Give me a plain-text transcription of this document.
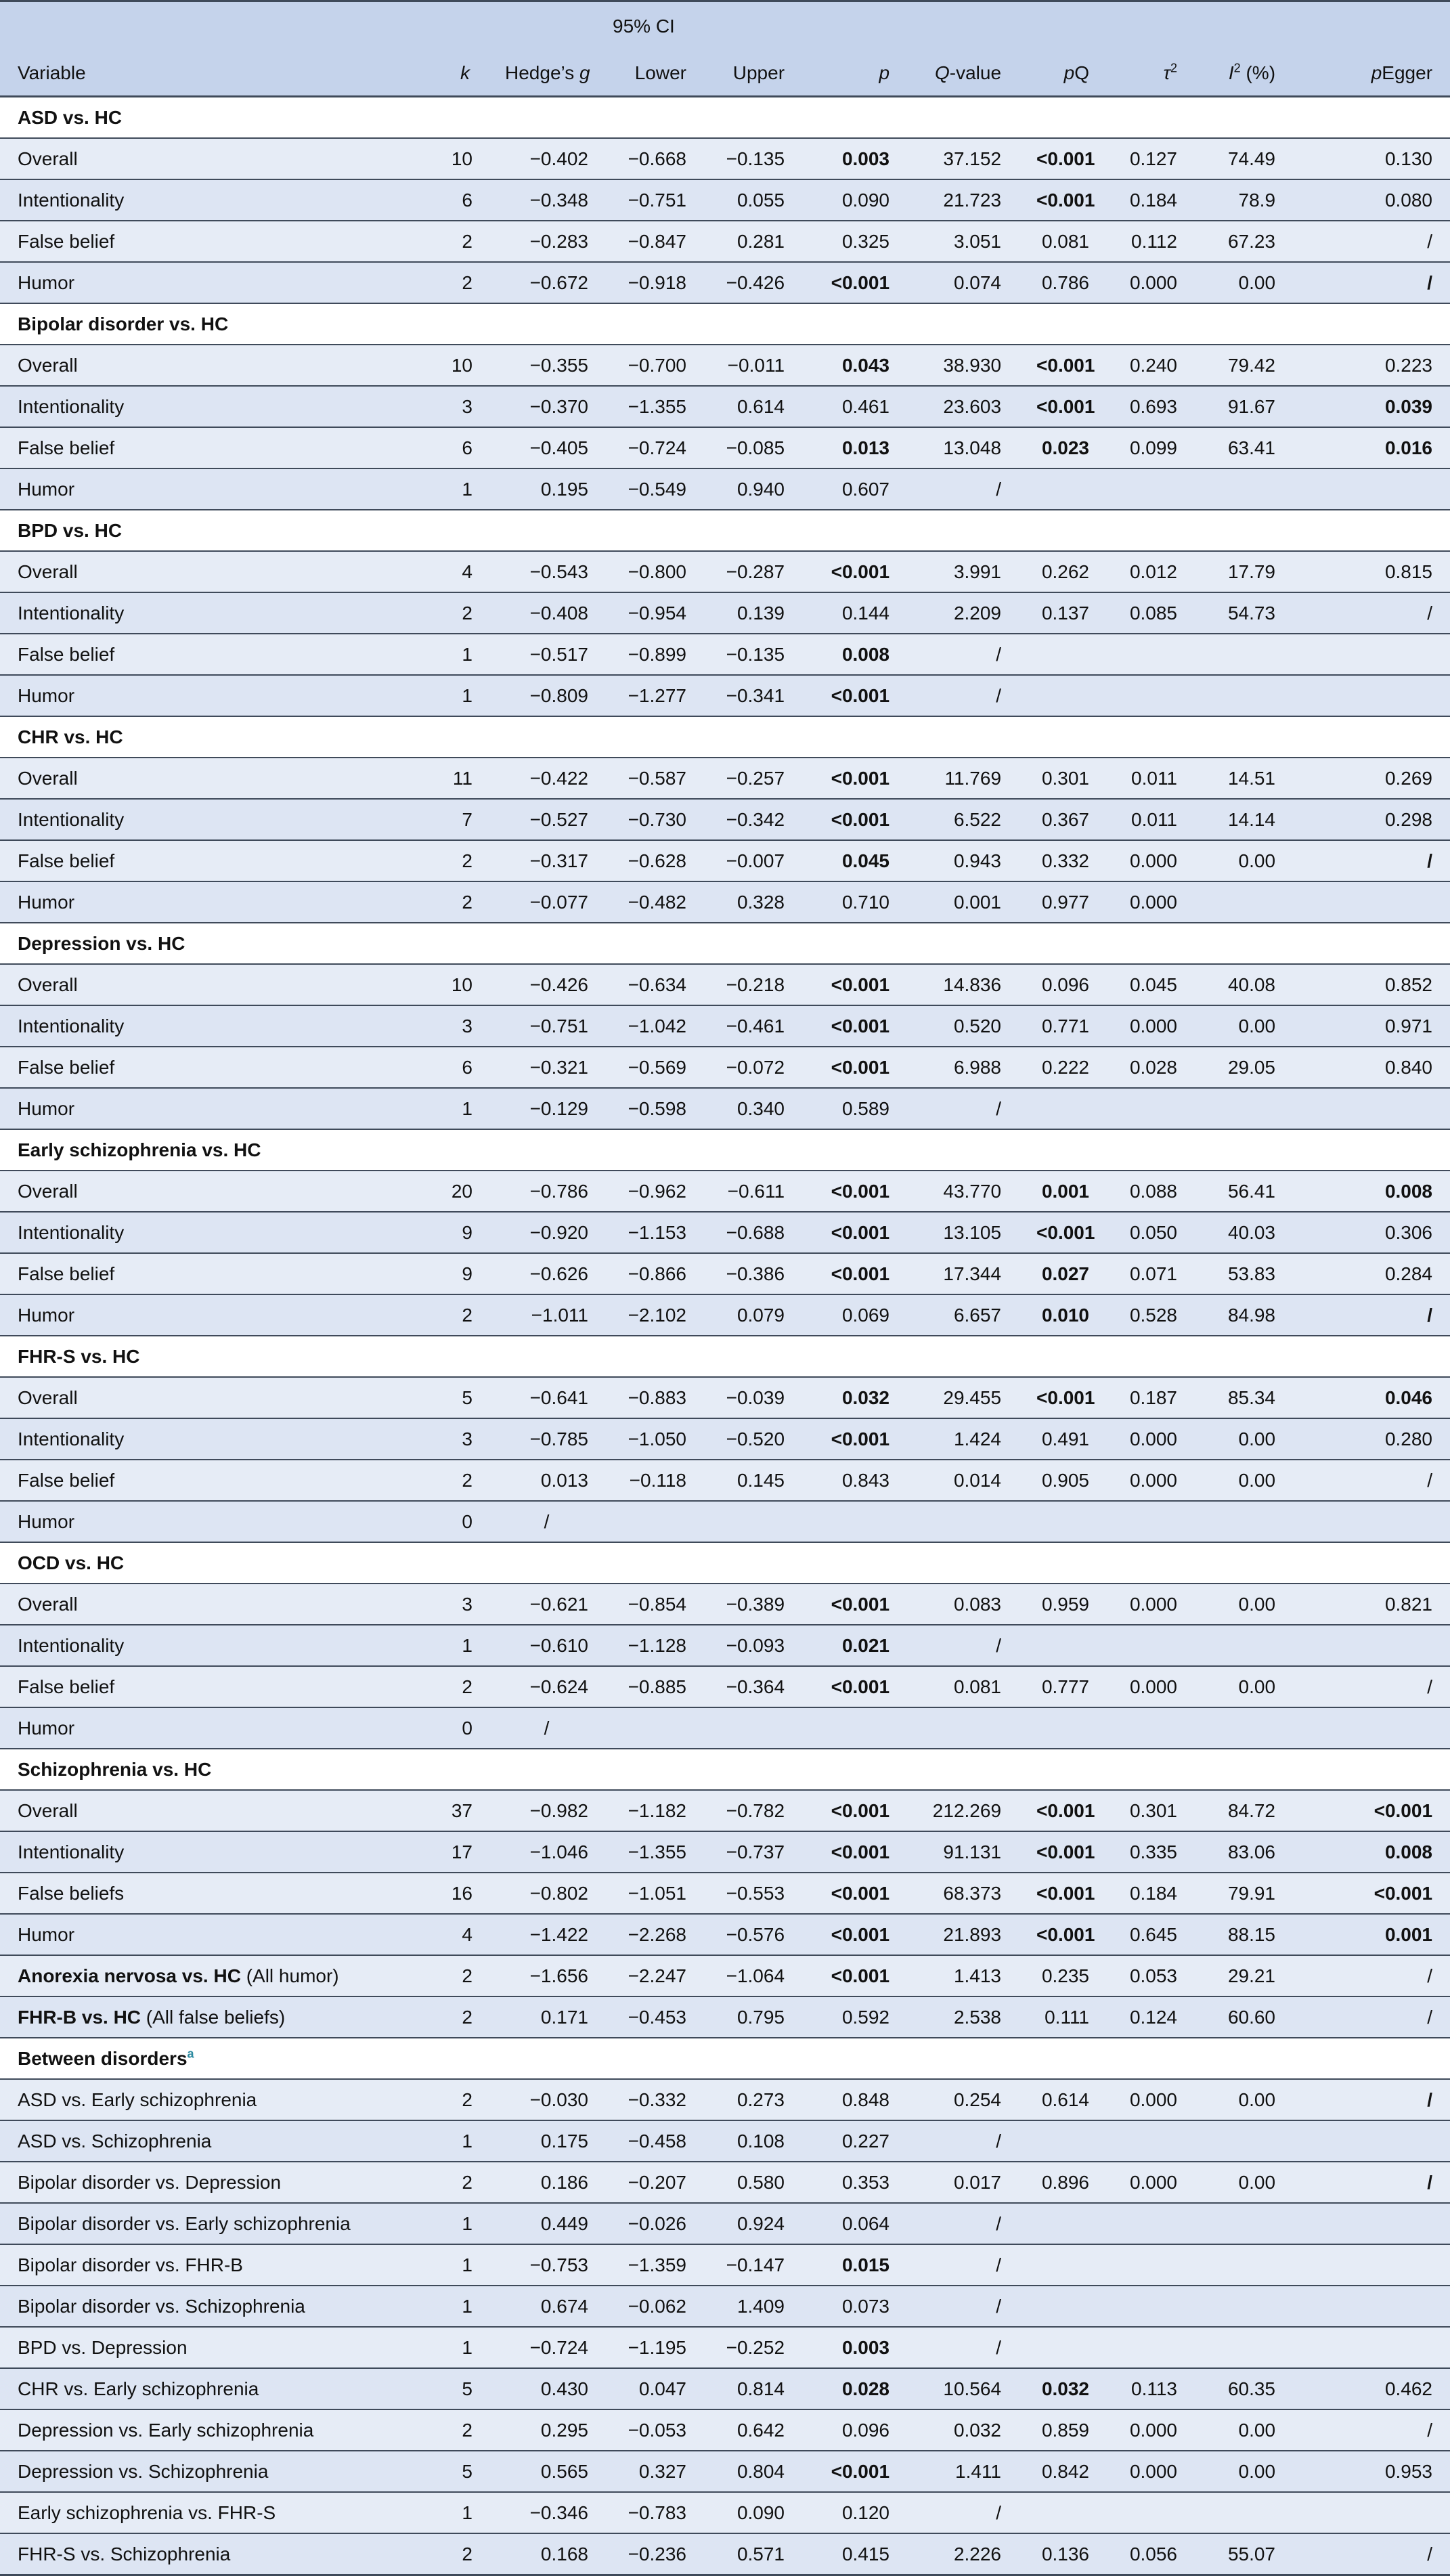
			95% CI							
Variable	k	Hedge’s g	Lower	Upper	p	Q-value	pQ	$\tau^2$	$I^2$ (%)	pEgger
ASD vs. HC										
Overall	10	−0.402	−0.668	−0.135	0.003	37.152	<0.001	0.127	74.49	0.130
Intentionality	6	−0.348	−0.751	0.055	0.090	21.723	<0.001	0.184	78.9	0.080
False belief	2	−0.283	−0.847	0.281	0.325	3.051	0.081	0.112	67.23	/
Humor	2	−0.672	−0.918	−0.426	<0.001	0.074	0.786	0.000	0.00	/
Bipolar disorder vs. HC										
Overall	10	−0.355	−0.700	−0.011	0.043	38.930	<0.001	0.240	79.42	0.223
Intentionality	3	−0.370	−1.355	0.614	0.461	23.603	<0.001	0.693	91.67	0.039
False belief	6	−0.405	−0.724	−0.085	0.013	13.048	0.023	0.099	63.41	0.016
Humor	1	0.195	−0.549	0.940	0.607	/				
BPD vs. HC										
Overall	4	−0.543	−0.800	−0.287	<0.001	3.991	0.262	0.012	17.79	0.815
Intentionality	2	−0.408	−0.954	0.139	0.144	2.209	0.137	0.085	54.73	/
False belief	1	−0.517	−0.899	−0.135	0.008	/				
Humor	1	−0.809	−1.277	−0.341	<0.001	/				
CHR vs. HC										
Overall	11	−0.422	−0.587	−0.257	<0.001	11.769	0.301	0.011	14.51	0.269
Intentionality	7	−0.527	−0.730	−0.342	<0.001	6.522	0.367	0.011	14.14	0.298
False belief	2	−0.317	−0.628	−0.007	0.045	0.943	0.332	0.000	0.00	/
Humor	2	−0.077	−0.482	0.328	0.710	0.001	0.977	0.000		
Depression vs. HC										
Overall	10	−0.426	−0.634	−0.218	<0.001	14.836	0.096	0.045	40.08	0.852
Intentionality	3	−0.751	−1.042	−0.461	<0.001	0.520	0.771	0.000	0.00	0.971
False belief	6	−0.321	−0.569	−0.072	<0.001	6.988	0.222	0.028	29.05	0.840
Humor	1	−0.129	−0.598	0.340	0.589	/				
Early schizophrenia vs. HC										
Overall	20	−0.786	−0.962	−0.611	<0.001	43.770	0.001	0.088	56.41	0.008
Intentionality	9	−0.920	−1.153	−0.688	<0.001	13.105	<0.001	0.050	40.03	0.306
False belief	9	−0.626	−0.866	−0.386	<0.001	17.344	0.027	0.071	53.83	0.284
Humor	2	−1.011	−2.102	0.079	0.069	6.657	0.010	0.528	84.98	/
FHR-S vs. HC										
Overall	5	−0.641	−0.883	−0.039	0.032	29.455	<0.001	0.187	85.34	0.046
Intentionality	3	−0.785	−1.050	−0.520	<0.001	1.424	0.491	0.000	0.00	0.280
False belief	2	0.013	−0.118	0.145	0.843	0.014	0.905	0.000	0.00	/
Humor	0	/								
OCD vs. HC										
Overall	3	−0.621	−0.854	−0.389	<0.001	0.083	0.959	0.000	0.00	0.821
Intentionality	1	−0.610	−1.128	−0.093	0.021	/				
False belief	2	−0.624	−0.885	−0.364	<0.001	0.081	0.777	0.000	0.00	/
Humor	0	/								
Schizophrenia vs. HC										
Overall	37	−0.982	−1.182	−0.782	<0.001	212.269	<0.001	0.301	84.72	<0.001
Intentionality	17	−1.046	−1.355	−0.737	<0.001	91.131	<0.001	0.335	83.06	0.008
False beliefs	16	−0.802	−1.051	−0.553	<0.001	68.373	<0.001	0.184	79.91	<0.001
Humor	4	−1.422	−2.268	−0.576	<0.001	21.893	<0.001	0.645	88.15	0.001
Anorexia nervosa vs. HC (All humor)	2	−1.656	−2.247	−1.064	<0.001	1.413	0.235	0.053	29.21	/
FHR-B vs. HC (All false beliefs)	2	0.171	−0.453	0.795	0.592	2.538	0.111	0.124	60.60	/
Between disorders$^a$
ASD vs. Early schizophrenia	2	−0.030	−0.332	0.273	0.848	0.254	0.614	0.000	0.00	/
ASD vs. Schizophrenia	1	0.175	−0.458	0.108	0.227	/				
Bipolar disorder vs. Depression	2	0.186	−0.207	0.580	0.353	0.017	0.896	0.000	0.00	/
Bipolar disorder vs. Early schizophrenia	1	0.449	−0.026	0.924	0.064	/				
Bipolar disorder vs. FHR-B	1	−0.753	−1.359	−0.147	0.015	/				
Bipolar disorder vs. Schizophrenia	1	0.674	−0.062	1.409	0.073	/				
BPD vs. Depression	1	−0.724	−1.195	−0.252	0.003	/				
CHR vs. Early schizophrenia	5	0.430	0.047	0.814	0.028	10.564	0.032	0.113	60.35	0.462
Depression vs. Early schizophrenia	2	0.295	−0.053	0.642	0.096	0.032	0.859	0.000	0.00	/
Depression vs. Schizophrenia	5	0.565	0.327	0.804	<0.001	1.411	0.842	0.000	0.00	0.953
Early schizophrenia vs. FHR-S	1	−0.346	−0.783	0.090	0.120	/				
FHR-S vs. Schizophrenia	2	0.168	−0.236	0.571	0.415	2.226	0.136	0.056	55.07	/
